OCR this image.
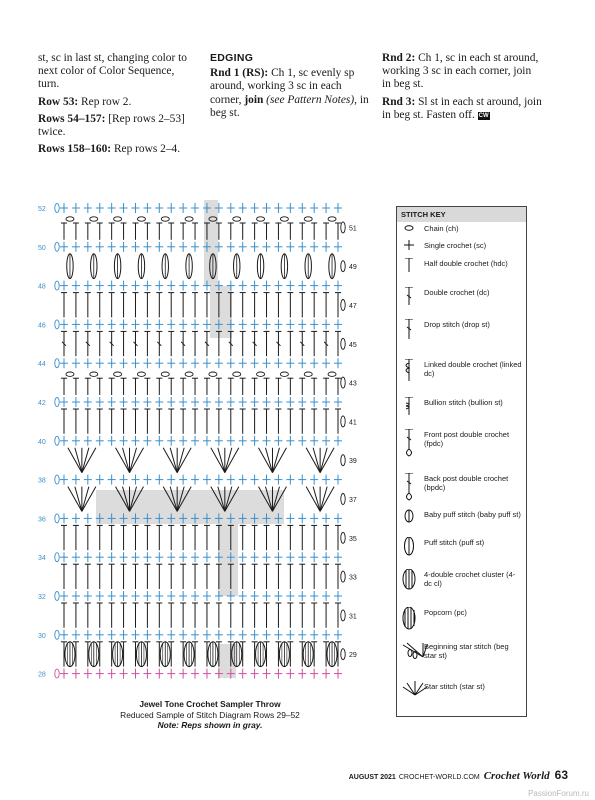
st, sc in last st, changing color to next color of Color Sequence, turn.

Row 53: Rep row 2.

Rows 54–157: [Rep rows 2–53] twice.

Rows 158–160: Rep rows 2–4.

EDGING

Rnd 1 (RS): Ch 1, sc evenly sp around, working 3 sc in each corner, join (see Pattern Notes), in beg st.

Rnd 2: Ch 1, sc in each st around, working 3 sc in each corner, join in beg st.

Rnd 3: Sl st in each st around, join in beg st. Fasten off. CW

52
51
50
49
48
47
46
45
44
43
42
41
40
39
38
37
36
35
34
33
32
31
30
29
28
Jewel Tone Crochet Sampler Throw
Reduced Sample of Stitch Diagram Rows 29–52
Note: Reps shown in gray.
STITCH KEY
Chain (ch)
Single crochet (sc)
Half double crochet (hdc)
Double crochet (dc)
Drop stitch (drop st)
Linked double crochet (linked dc)
Bullion stitch (bullion st)
Front post double crochet (fpdc)
Back post double crochet (bpdc)
Baby puff stitch (baby puff st)
Puff stitch (puff st)
4-double crochet cluster (4-dc cl)
Popcorn (pc)
Beginning star stitch (beg star st)
Star stitch (star st)
AUGUST 2021 CROCHET-WORLD.COM Crochet World 63
PassionForum.ru
